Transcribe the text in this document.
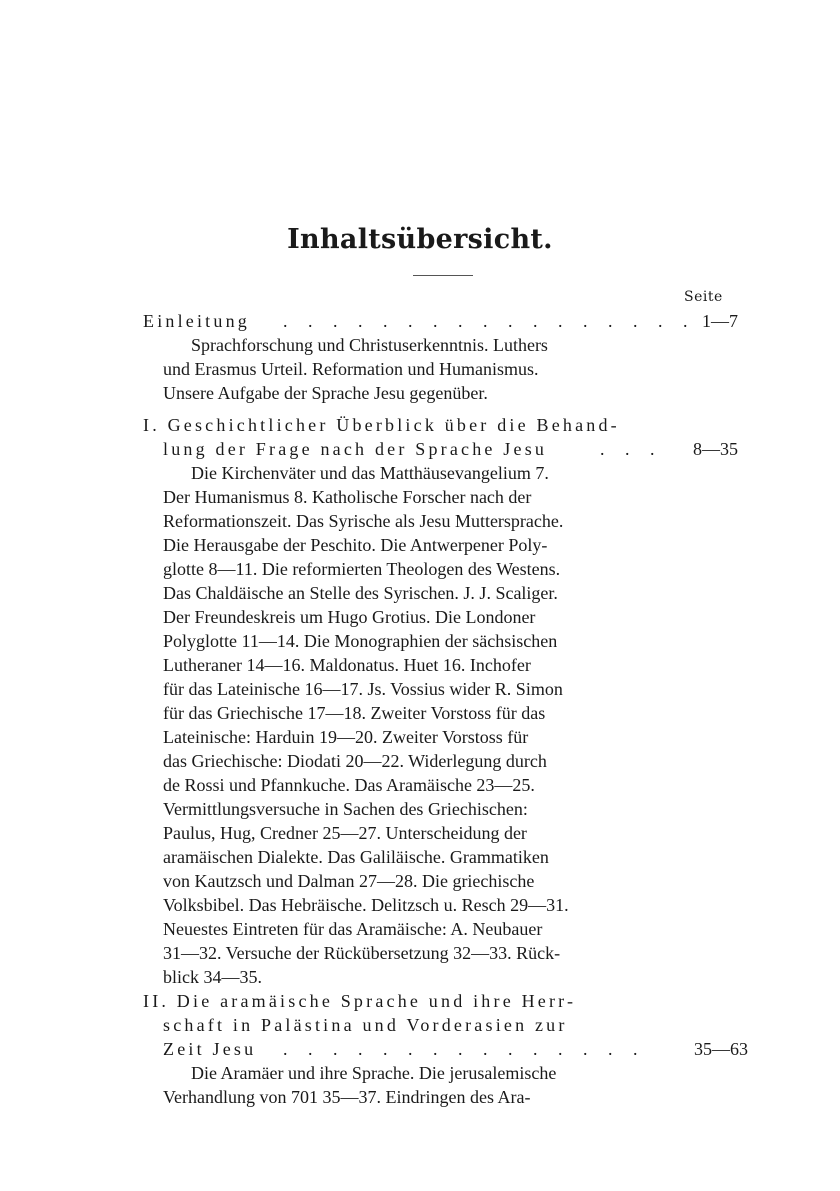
Inhaltsübersicht.
Seite
Einleitung . . . . . . . . . . . . . . . . . 1—7
Sprachforschung und Christuserkenntnis. Luthers
und Erasmus Urteil. Reformation und Humanismus.
Unsere Aufgabe der Sprache Jesu gegenüber.
I. Geschichtlicher Überblick über die Behand-
lung der Frage nach der Sprache Jesu	. . .	8—35
Die Kirchenväter und das Matthäusevangelium 7.
Der Humanismus 8. Katholische Forscher nach der
Reformationszeit. Das Syrische als Jesu Muttersprache.
Die Herausgabe der Peschito. Die Antwerpener Poly-
glotte 8—11. Die reformierten Theologen des Westens.
Das Chaldäische an Stelle des Syrischen. J. J. Scaliger.
Der Freundeskreis um Hugo Grotius. Die Londoner
Polyglotte 11—14. Die Monographien der sächsischen
Lutheraner 14—16. Maldonatus. Huet 16. Inchofer
für das Lateinische 16—17. Js. Vossius wider R. Simon
für das Griechische 17—18. Zweiter Vorstoss für das
Lateinische: Harduin 19—20. Zweiter Vorstoss für
das Griechische: Diodati 20—22. Widerlegung durch
de Rossi und Pfannkuche. Das Aramäische 23—25.
Vermittlungsversuche in Sachen des Griechischen:
Paulus, Hug, Credner 25—27. Unterscheidung der
aramäischen Dialekte. Das Galiläische. Grammatiken
von Kautzsch und Dalman 27—28. Die griechische
Volksbibel. Das Hebräische. Delitzsch u. Resch 29—31.
Neuestes Eintreten für das Aramäische: A. Neubauer
31—32. Versuche der Rückübersetzung 32—33. Rück-
blick 34—35.
II. Die aramäische Sprache und ihre Herr-
schaft in Palästina und Vorderasien zur
Zeit Jesu . . . . . . . . . . . . . . .	35—63
Die Aramäer und ihre Sprache. Die jerusalemische
Verhandlung von 701 35—37. Eindringen des Ara-
